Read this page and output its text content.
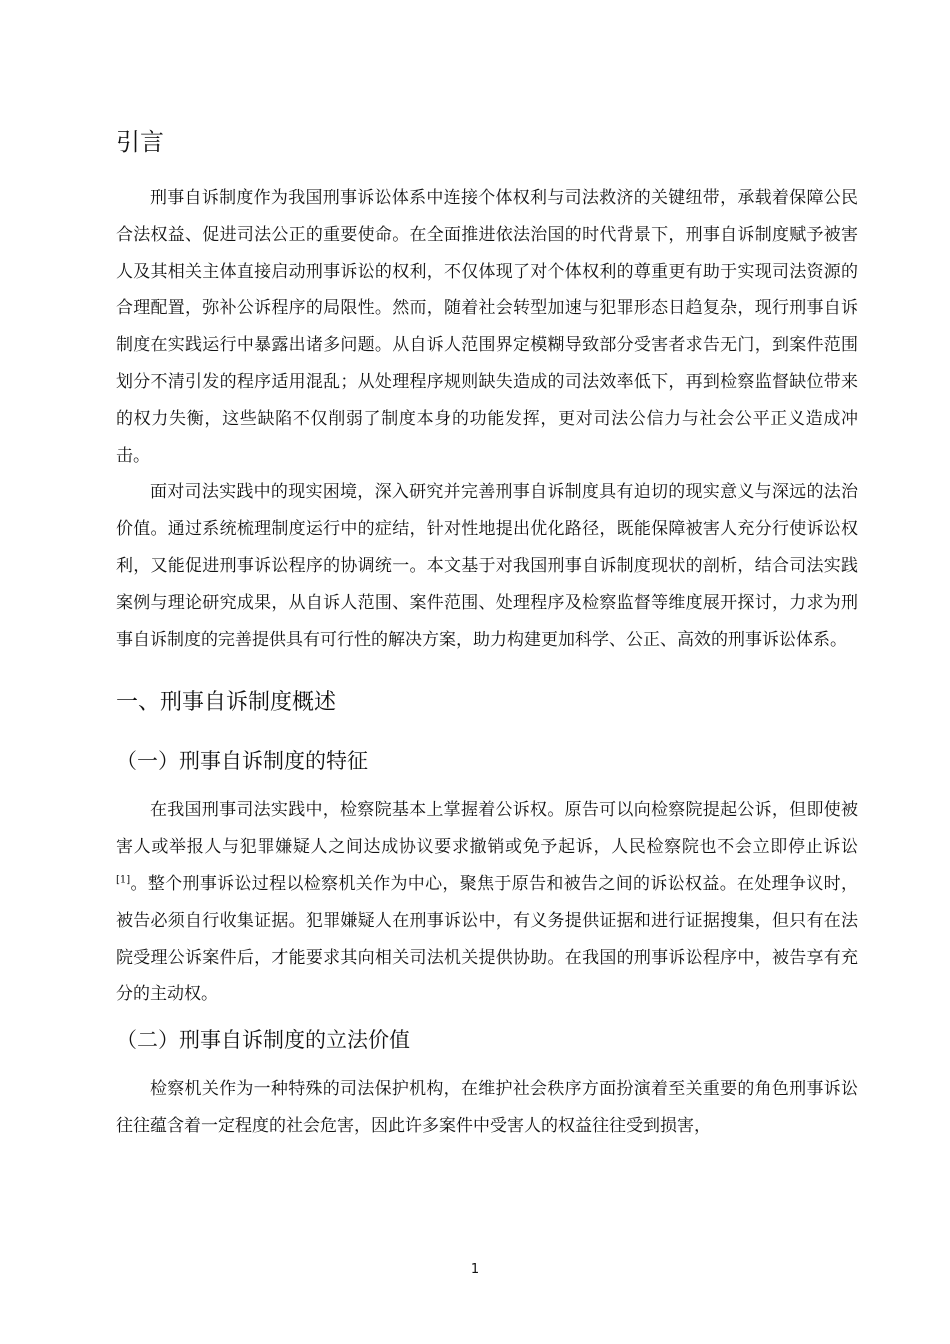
引言

刑事自诉制度作为我国刑事诉讼体系中连接个体权利与司法救济的关键纽带，承载着保障公民合法权益、促进司法公正的重要使命。在全面推进依法治国的时代背景下，刑事自诉制度赋予被害人及其相关主体直接启动刑事诉讼的权利，不仅体现了对个体权利的尊重更有助于实现司法资源的合理配置，弥补公诉程序的局限性。然而，随着社会转型加速与犯罪形态日趋复杂，现行刑事自诉制度在实践运行中暴露出诸多问题。从自诉人范围界定模糊导致部分受害者求告无门，到案件范围划分不清引发的程序适用混乱；从处理程序规则缺失造成的司法效率低下，再到检察监督缺位带来的权力失衡，这些缺陷不仅削弱了制度本身的功能发挥，更对司法公信力与社会公平正义造成冲击。

面对司法实践中的现实困境，深入研究并完善刑事自诉制度具有迫切的现实意义与深远的法治价值。通过系统梳理制度运行中的症结，针对性地提出优化路径，既能保障被害人充分行使诉讼权利，又能促进刑事诉讼程序的协调统一。本文基于对我国刑事自诉制度现状的剖析，结合司法实践案例与理论研究成果，从自诉人范围、案件范围、处理程序及检察监督等维度展开探讨，力求为刑事自诉制度的完善提供具有可行性的解决方案，助力构建更加科学、公正、高效的刑事诉讼体系。

一、刑事自诉制度概述
（一）刑事自诉制度的特征

在我国刑事司法实践中，检察院基本上掌握着公诉权。原告可以向检察院提起公诉，但即使被害人或举报人与犯罪嫌疑人之间达成协议要求撤销或免予起诉，人民检察院也不会立即停止诉讼[1]。整个刑事诉讼过程以检察机关作为中心，聚焦于原告和被告之间的诉讼权益。在处理争议时，被告必须自行收集证据。犯罪嫌疑人在刑事诉讼中，有义务提供证据和进行证据搜集，但只有在法院受理公诉案件后，才能要求其向相关司法机关提供协助。在我国的刑事诉讼程序中，被告享有充分的主动权。

（二）刑事自诉制度的立法价值

检察机关作为一种特殊的司法保护机构，在维护社会秩序方面扮演着至关重要的角色刑事诉讼往往蕴含着一定程度的社会危害，因此许多案件中受害人的权益往往受到损害，

1
